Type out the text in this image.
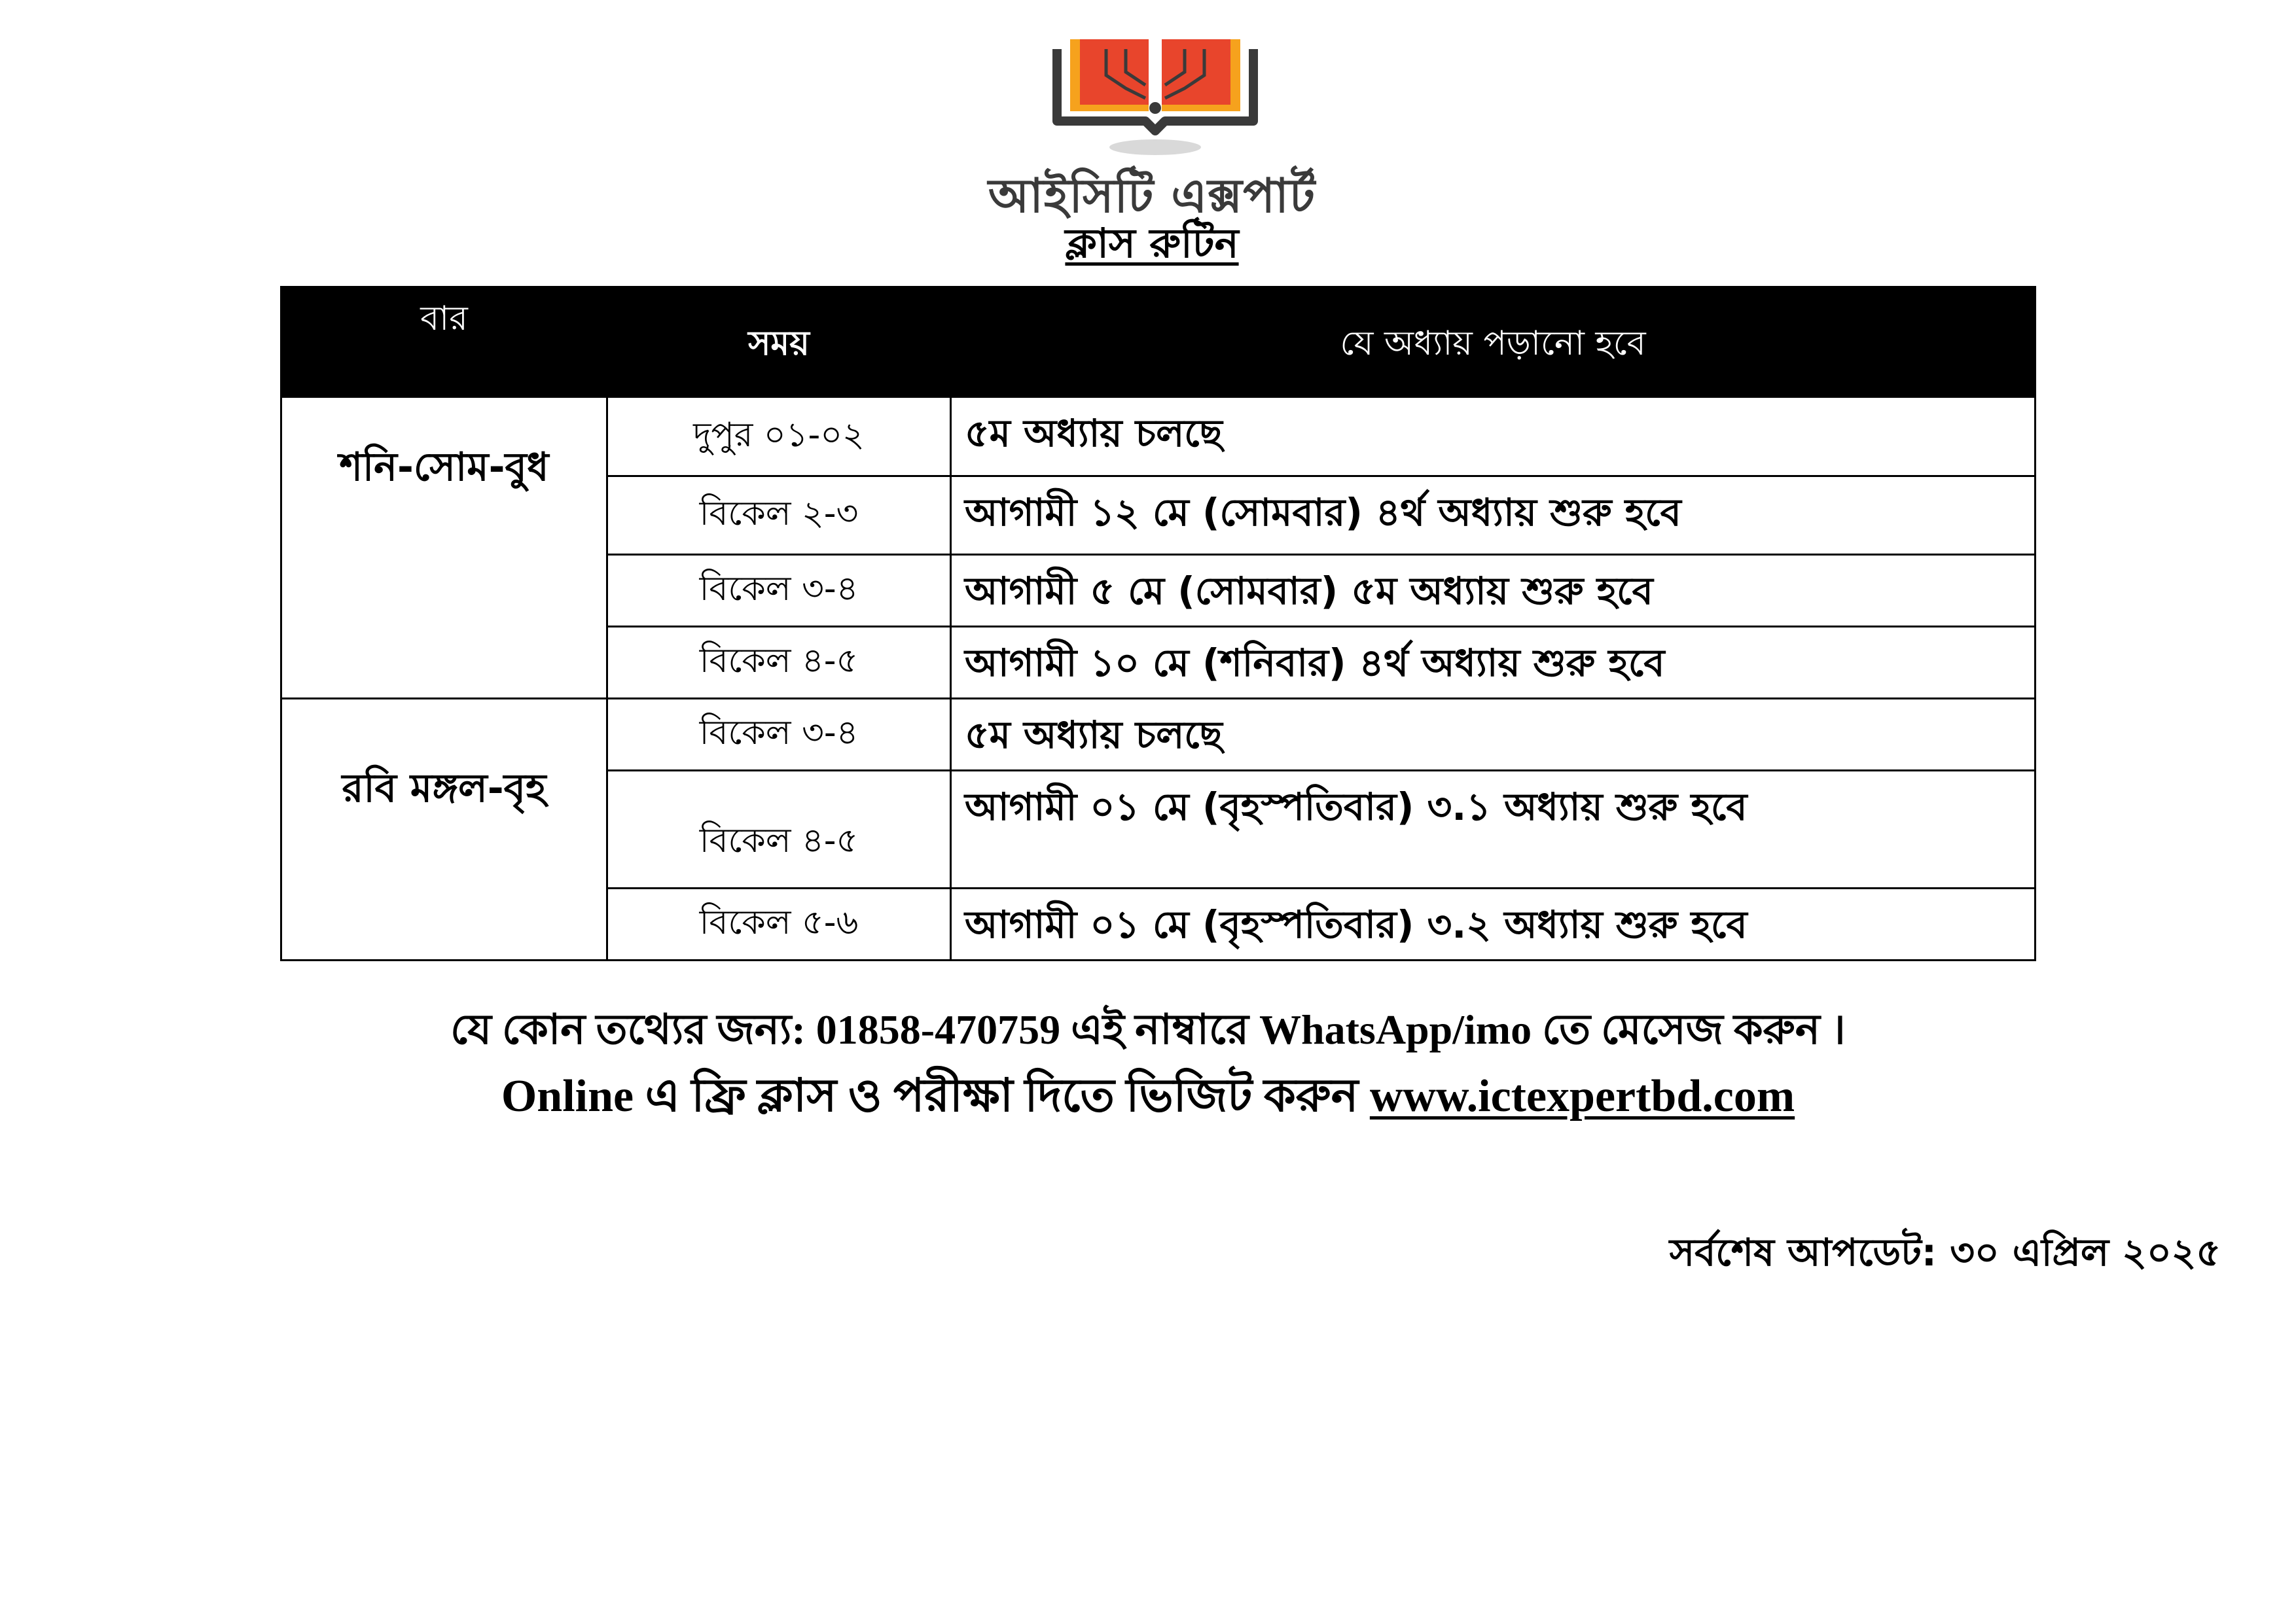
আইসিটি এক্সপার্ট
ক্লাস রুটিন
বার	সময়	যে অধ্যায় পড়ানো হবে

শনি-সোম-বুধ	দুপুর ০১-০২	৫ম অধ্যায় চলছে

	বিকেল ২-৩	আগামী ১২ মে (সোমবার) ৪র্থ অধ্যায় শুরু হবে

	বিকেল ৩-৪	আগামী ৫ মে (সোমবার) ৫ম অধ্যায় শুরু হবে

	বিকেল ৪-৫	আগামী ১০ মে (শনিবার) ৪র্থ অধ্যায় শুরু হবে

রবি মঙ্গল-বৃহ	বিকেল ৩-৪	৫ম অধ্যায় চলছে

	বিকেল ৪-৫	আগামী ০১ মে (বৃহস্পতিবার) ৩.১ অধ্যায় শুরু হবে

	বিকেল ৫-৬	আগামী ০১ মে (বৃহস্পতিবার) ৩.২ অধ্যায় শুরু হবে
যে কোন তথ্যের জন্য: 01858-470759 এই নাম্বারে WhatsApp/imo তে মেসেজ করুন ।
Online এ ফ্রি ক্লাস ও পরীক্ষা দিতে ভিজিট করুন www.ictexpertbd.com
সর্বশেষ আপডেট: ৩০ এপ্রিল ২০২৫
